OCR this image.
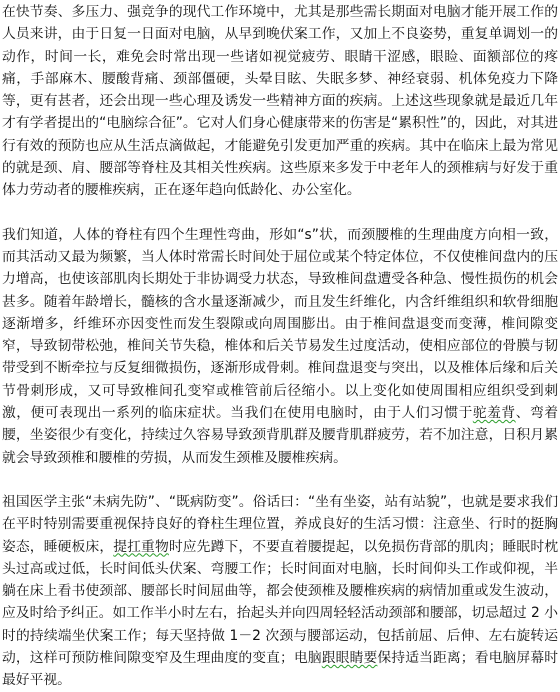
在快节奏、多压力、强竞争的现代工作环境中，尤其是那些需长期面对电脑才能开展工作的人员来讲，由于日复一日面对电脑，从早到晚伏案工作，又加上不良姿势，重复单调划一的动作，时间一长，难免会时常出现一些诸如视觉疲劳、眼睛干涩感，眼睑、面额部位的疼痛，手部麻木、腰酸背痛、颈部僵硬，头晕目眩、失眠多梦、神经衰弱、机体免疫力下降等，更有甚者，还会出现一些心理及诱发一些精神方面的疾病。上述这些现象就是最近几年才有学者提出的“电脑综合征”。它对人们身心健康带来的伤害是“累积性”的，因此，对其进行有效的预防也应从生活点滴做起，才能避免引发更加严重的疾病。其中在临床上最为常见的就是颈、肩、腰部等脊柱及其相关性疾病。这些原来多发于中老年人的颈椎病与好发于重体力劳动者的腰椎疾病，正在逐年趋向低龄化、办公室化。

我们知道，人体的脊柱有四个生理性弯曲，形如“s”状，而颈腰椎的生理曲度方向相一致，而其活动又最为频繁，当人体时常需长时间处于屈位或某个特定体位，不仅使椎间盘内的压力增高，也使该部肌肉长期处于非协调受力状态，导致椎间盘遭受各种急、慢性损伤的机会甚多。随着年龄增长，髓核的含水量逐渐减少，而且发生纤维化，内含纤维组织和软骨细胞逐渐增多，纤维环亦因变性而发生裂隙或向周围膨出。由于椎间盘退变而变薄，椎间隙变窄，导致韧带松弛，椎间关节失稳，椎体和后关节易发生过度活动，使相应部位的骨膜与韧带受到不断牵拉与反复细微损伤，逐渐形成骨刺。椎间盘退变与突出，以及椎体后缘和后关节骨刺形成，又可导致椎间孔变窄或椎管前后径缩小。以上变化如使周围相应组织受到刺激，便可表现出一系列的临床症状。当我们在使用电脑时，由于人们习惯于驼羞背、弯着腰，坐姿很少有变化，持续过久容易导致颈背肌群及腰背肌群疲劳，若不加注意，日积月累就会导致颈椎和腰椎的劳损，从而发生颈椎及腰椎疾病。

祖国医学主张“未病先防”、“既病防变”。俗话曰：“坐有坐姿，站有站貌”，也就是要求我们在平时特别需要重视保持良好的脊柱生理位置，养成良好的生活习惯：注意坐、行时的挺胸姿态，睡硬板床，提扛重物时应先蹲下，不要直着腰提起，以免损伤背部的肌肉；睡眠时枕头过高或过低，长时间低头伏案、弯腰工作；长时间面对电脑，长时间仰头工作或仰视，半躺在床上看书使颈部、腰部长时间屈曲等，都会使颈椎及腰椎疾病的病情加重或发生波动，应及时给予纠正。如工作半小时左右，抬起头并向四周轻轻活动颈部和腰部，切忌超过 2 小时的持续端坐伏案工作；每天坚持做 1－2 次颈与腰部运动，包括前屈、后伸、左右旋转运动，这样可预防椎间隙变窄及生理曲度的变直；电脑跟眼睛要保持适当距离；看电脑屏幕时最好平视。
